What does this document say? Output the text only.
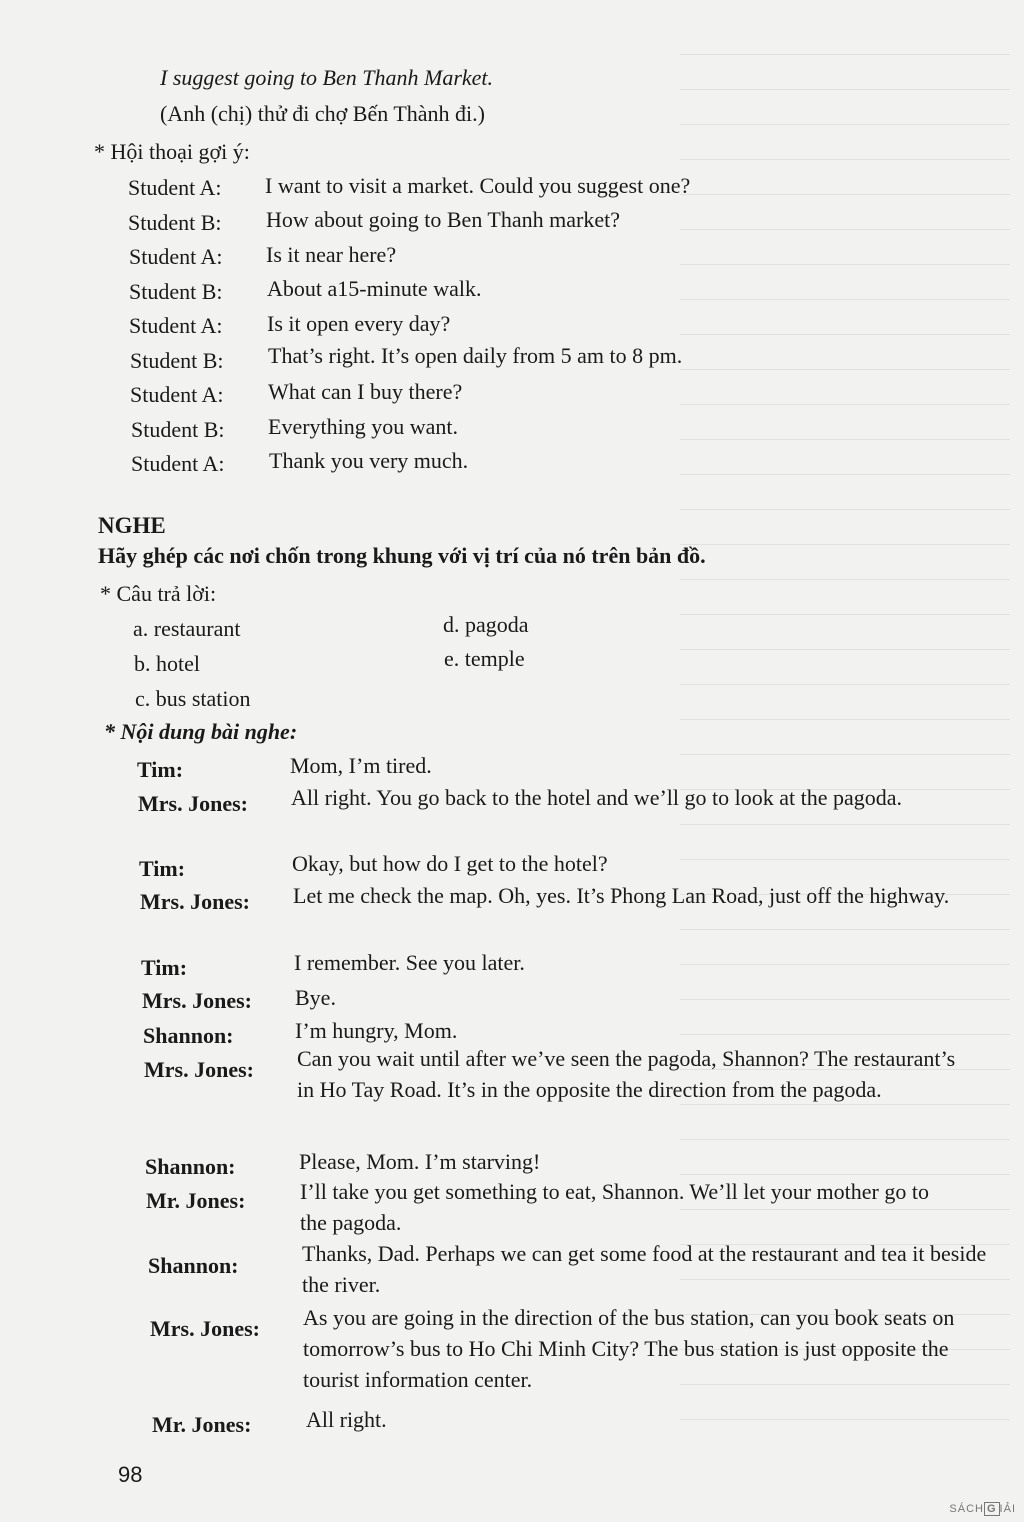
I suggest going to Ben Thanh Market.
(Anh (chị) thử đi chợ Bến Thành đi.)
* Hội thoại gợi ý:
Student A: I want to visit a market. Could you suggest one?
Student B: How about going to Ben Thanh market?
Student A: Is it near here?
Student B: About a15-minute walk.
Student A: Is it open every day?
Student B: That’s right. It’s open daily from 5 am to 8 pm.
Student A: What can I buy there?
Student B: Everything you want.
Student A: Thank you very much.
NGHE
Hãy ghép các nơi chốn trong khung với vị trí của nó trên bản đồ.
* Câu trả lời:
a. restaurant
b. hotel
c. bus station
d. pagoda
e. temple
* Nội dung bài nghe:
Tim:	Mom, I’m tired.
Mrs. Jones: All right. You go back to the hotel and we’ll go to look at the pagoda.
Tim:	Okay, but how do I get to the hotel?
Mrs. Jones: Let me check the map. Oh, yes. It’s Phong Lan Road, just off the highway.
Tim:	I remember. See you later.
Mrs. Jones: Bye.
Shannon:	I’m hungry, Mom.
Mrs. Jones: Can you wait until after we’ve seen the pagoda, Shannon? The restaurant’s in Ho Tay Road. It’s in the opposite the direction from the pagoda.
Shannon:	Please, Mom. I’m starving!
Mr. Jones: I’ll take you get something to eat, Shannon. We’ll let your mother go to the pagoda.
Shannon:	Thanks, Dad. Perhaps we can get some food at the restaurant and tea it beside the river.
Mrs. Jones: As you are going in the direction of the bus station, can you book seats on tomorrow’s bus to Ho Chi Minh City? The bus station is just opposite the tourist information center.
Mr. Jones: All right.
98
SÁCH G IẢI
